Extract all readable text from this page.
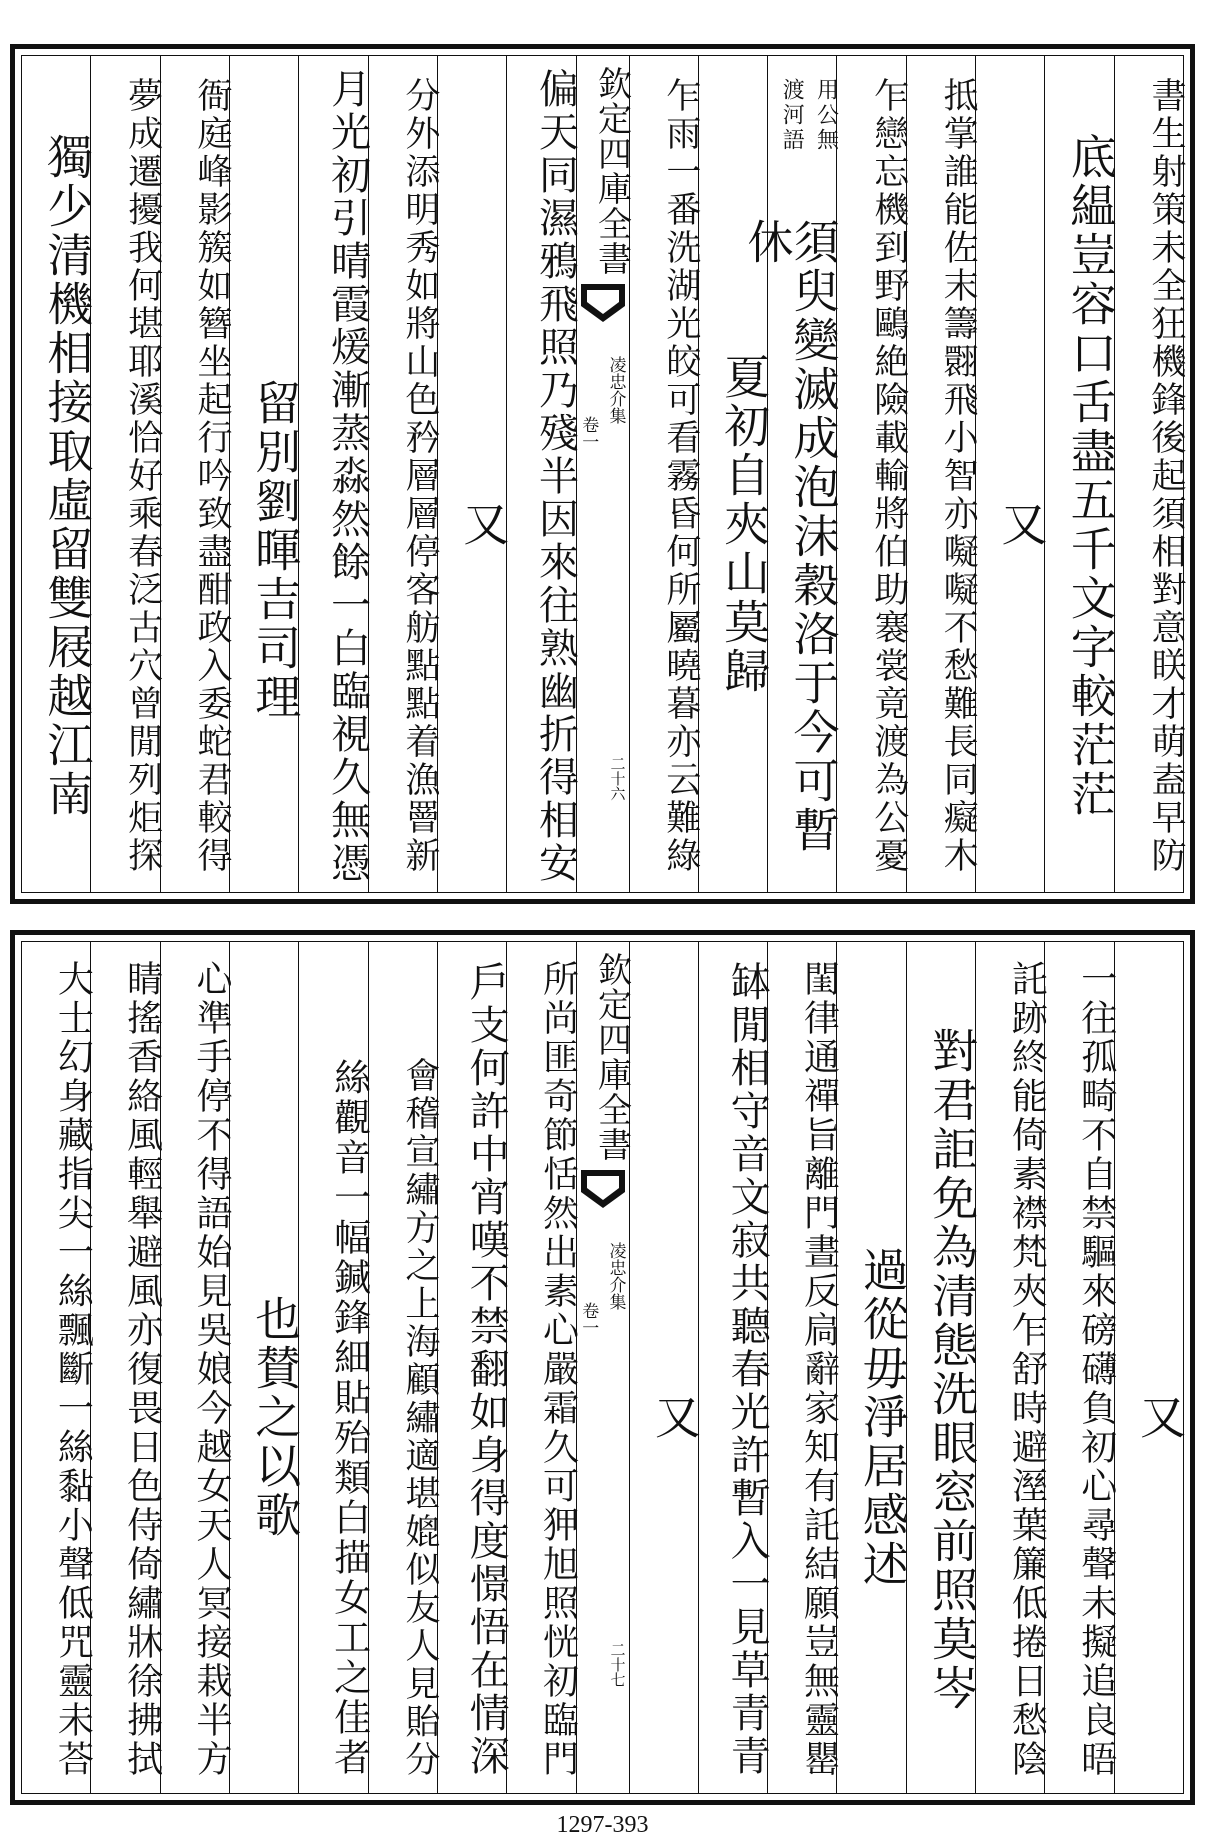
書生射策未全狂機鋒後起須相對意眹才萌盍早防
底緼豈容口舌盡五千文字較茫茫
又
抵掌誰能佐末籌翾飛小智亦㘈㘈不愁難長同癡木
乍戀忘機到野鷗絶險載輸將伯助褰裳竟渡為公憂
用公無
渡河語
須臾變滅成泡沫穀洛于今可暫休
夏初自夾山莫歸
乍雨一番洗湖光皎可看霧昏何所屬曉暮亦云難綠
欽定四庫全書
凌忠介集
卷一
二十六
偏天同濕鴉飛照乃殘半因來往熟幽折得相安
又
分外添明秀如將山色矜層層停客舫點點着漁罾新
月光初引晴霞煖漸蒸淼然餘一白臨視久無憑
留別劉暉吉司理
衙庭峰影簇如簪坐起行吟致盡酣政入委蛇君較得
夢成遷擾我何堪耶溪恰好乘春泛古穴曾閒列炬探
獨少清機相接取虛留雙屐越江南
又
一往孤畸不自禁驅來磅礴負初心尋聲未擬追良晤
託跡終能倚素襟梵夾乍舒時避溼葉簾低捲日愁陰
對君詎免為清態洗眼窓前照莫岑
過從毋淨居感述
閨律通禪旨離門晝反扃辭家知有託結願豈無靈罌
缽閒相守音文寂共聽春光許暫入一見草青青
又
欽定四庫全書
凌忠介集
卷一
二十七
所尚匪奇節恬然出素心嚴霜久可狎旭照恍初臨門
戶支何許中宵嘆不禁翻如身得度憬悟在情深
會稽宣繡方之上海顧繡適堪媲似友人見貽分
絲觀音一幅鍼鋒細貼殆類白描女工之佳者
也賛之以歌
心準手停不得語始見吳娘今越女天人冥接栽半方
睛搖香絡風輕舉避風亦復畏日色侍倚繡牀徐拂拭
大士幻身藏指尖一絲飄斷一絲黏小聲低咒靈未荅
1297-393
